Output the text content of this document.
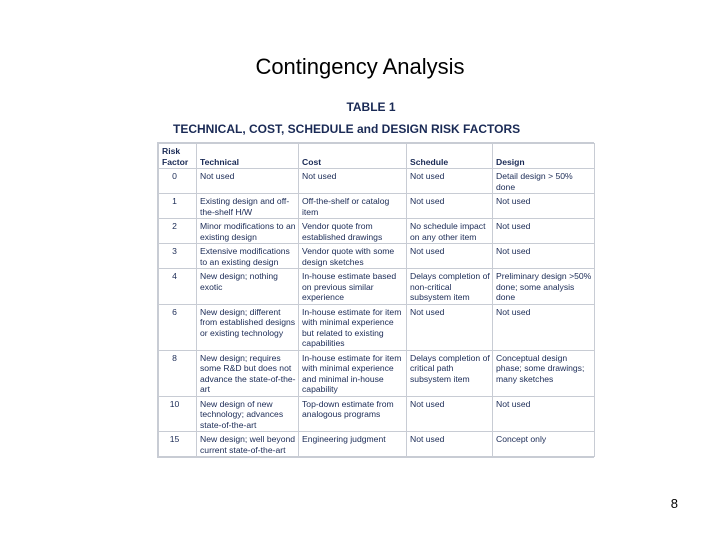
Contingency Analysis
TABLE 1
TECHNICAL, COST, SCHEDULE and DESIGN RISK FACTORS
Risk Factor	Technical	Cost	Schedule	Design
0	Not used	Not used	Not used	Detail design > 50% done
1	Existing design and off-the-shelf H/W	Off-the-shelf or catalog item	Not used	Not used
2	Minor modifications to an existing design	Vendor quote from established drawings	No schedule impact on any other item	Not used
3	Extensive modifications to an existing design	Vendor quote with some design sketches	Not used	Not used
4	New design; nothing exotic	In-house estimate based on previous similar experience	Delays completion of non-critical subsystem item	Preliminary design >50% done; some analysis done
6	New design; different from established designs or existing technology	In-house estimate for item with minimal experience but related to existing capabilities	Not used	Not used
8	New design; requires some R&D but does not advance the state-of-the-art	In-house estimate for item with minimal experience and minimal in-house capability	Delays completion of critical path subsystem item	Conceptual design phase; some drawings; many sketches
10	New design of new technology; advances state-of-the-art	Top-down estimate from analogous programs	Not used	Not used
15	New design; well beyond current state-of-the-art	Engineering judgment	Not used	Concept only
8
